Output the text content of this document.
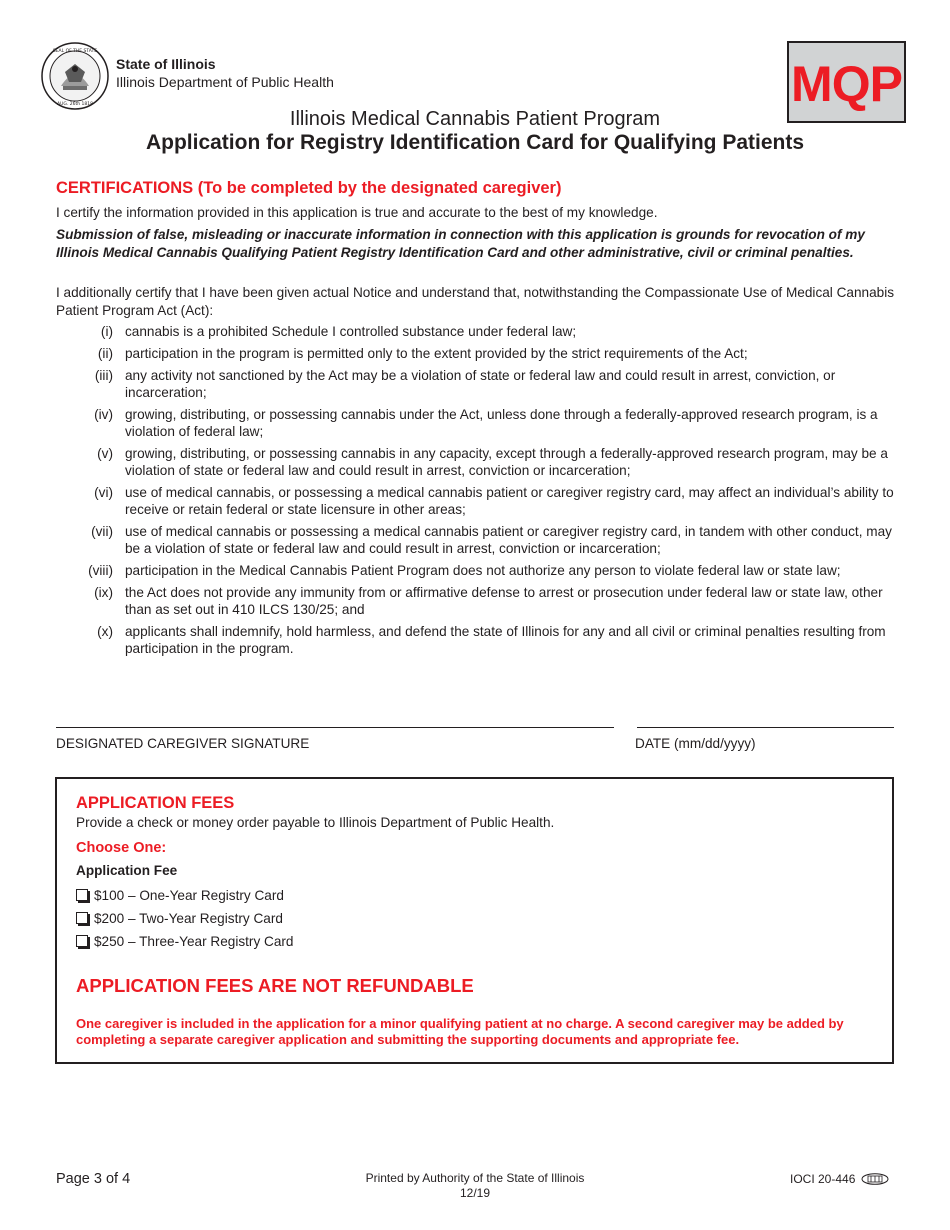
SEAL OF THE STATE
AUG. 26th 1818
State of Illinois
Illinois Department of Public Health	MQP
Illinois Medical Cannabis Patient Program
Application for Registry Identification Card for Qualifying Patients
CERTIFICATIONS (To be completed by the designated caregiver)
I certify the information provided in this application is true and accurate to the best of my knowledge.
Submission of false, misleading or inaccurate information in connection with this application is grounds for revocation of my Illinois Medical Cannabis Qualifying Patient Registry Identification Card and other administrative, civil or criminal penalties.
I additionally certify that I have been given actual Notice and understand that, notwithstanding the Compassionate Use of Medical Cannabis Patient Program Act (Act):
(i) cannabis is a prohibited Schedule I controlled substance under federal law;
(ii) participation in the program is permitted only to the extent provided by the strict requirements of the Act;
(iii) any activity not sanctioned by the Act may be a violation of state or federal law and could result in arrest, conviction, or incarceration;
(iv) growing, distributing, or possessing cannabis under the Act, unless done through a federally-approved research program, is a violation of federal law;
(v) growing, distributing, or possessing cannabis in any capacity, except through a federally-approved research program, may be a violation of state or federal law and could result in arrest, conviction or incarceration;
(vi) use of medical cannabis, or possessing a medical cannabis patient or caregiver registry card, may affect an individual’s ability to receive or retain federal or state licensure in other areas;
(vii) use of medical cannabis or possessing a medical cannabis patient or caregiver registry card, in tandem with other conduct, may be a violation of state or federal law and could result in arrest, conviction or incarceration;
(viii) participation in the Medical Cannabis Patient Program does not authorize any person to violate federal law or state law;
(ix) the Act does not provide any immunity from or affirmative defense to arrest or prosecution under federal law or state law, other than as set out in 410 ILCS 130/25; and
(x) applicants shall indemnify, hold harmless, and defend the state of Illinois for any and all civil or criminal penalties resulting from participation in the program.
DESIGNATED CAREGIVER SIGNATURE	DATE (mm/dd/yyyy)
APPLICATION FEES
Provide a check or money order payable to Illinois Department of Public Health.
Choose One:
Application Fee
$100 – One-Year Registry Card
$200 – Two-Year Registry Card
$250 – Three-Year Registry Card
APPLICATION FEES ARE NOT REFUNDABLE
One caregiver is included in the application for a minor qualifying patient at no charge. A second caregiver may be added by completing a separate caregiver application and submitting the supporting documents and appropriate fee.
Page 3 of 4	Printed by Authority of the State of Illinois
12/19
IOCI 20-446
